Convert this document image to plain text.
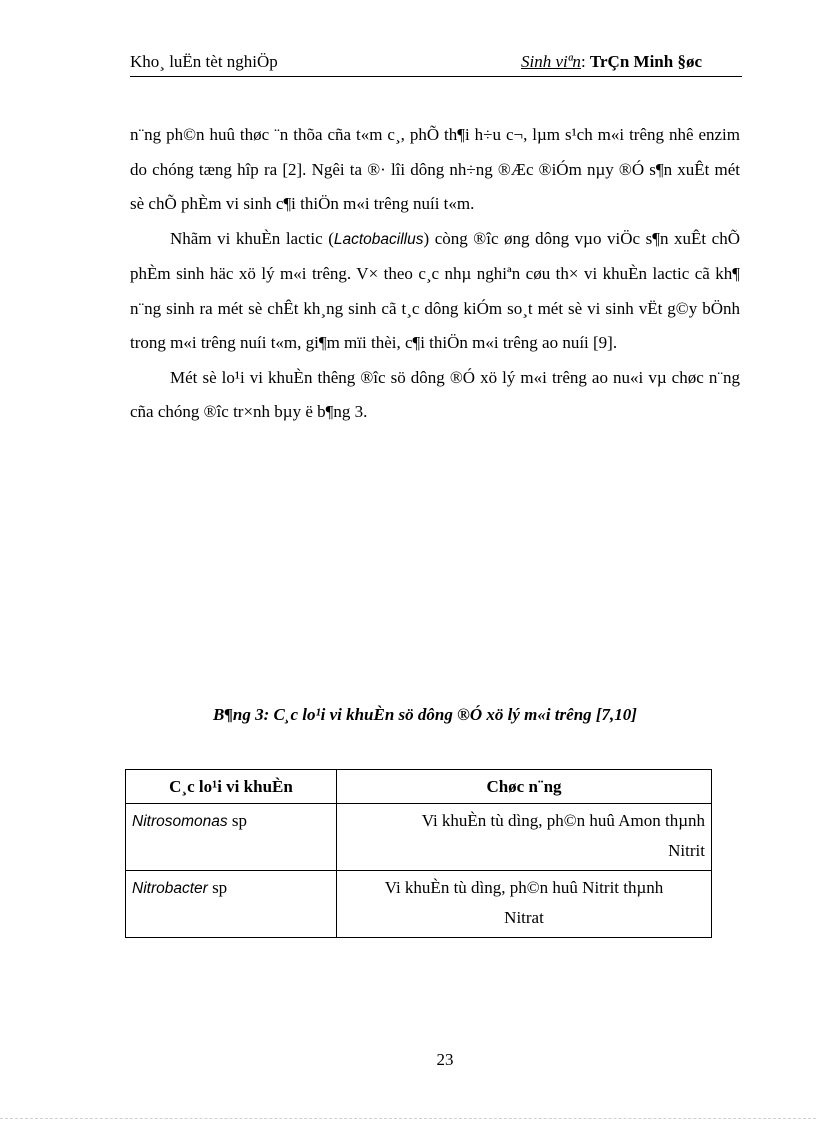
Kho¸ luËn tèt nghiÖp	Sinh viªn: TrÇn Minh §øc

n¨ng ph©n huû thøc ¨n thõa cña t«m c¸, phÕ th¶i h÷u c¬, lµm s¹ch m«i trêng nhê enzim do chóng tæng hîp ra [2]. Ngêi ta ®· lîi dông nh÷ng ®Æc ®iÓm nµy ®Ó s¶n xuÊt mét sè chÕ phÈm vi sinh c¶i thiÖn m«i trêng nuíi t«m.

Nhãm vi khuÈn lactic (Lactobacillus) còng ®îc øng dông vµo viÖc s¶n xuÊt chÕ phÈm sinh häc xö lý m«i trêng. V× theo c¸c nhµ nghiªn cøu th× vi khuÈn lactic cã kh¶ n¨ng sinh ra mét sè chÊt kh¸ng sinh cã t¸c dông kiÓm so¸t mét sè vi sinh vËt g©y bÖnh trong m«i trêng nuíi t«m, gi¶m mïi thèi, c¶i thiÖn m«i trêng ao nuíi [9].

Mét sè lo¹i vi khuÈn thêng ®îc sö dông ®Ó xö lý m«i trêng ao nu«i vµ chøc n¨ng cña chóng ®îc tr×nh bµy ë b¶ng 3.

B¶ng 3: C¸c lo¹i vi khuÈn sö dông ®Ó xö lý m«i trêng [7,10]
C¸c lo¹i vi khuÈn	Chøc n¨ng
Nitrosomonas sp	Vi khuÈn tù dìng, ph©n huû Amon thµnh
Nitrit

Nitrobacter sp	Vi khuÈn tù dìng, ph©n huû Nitrit thµnh
Nitrat
23
